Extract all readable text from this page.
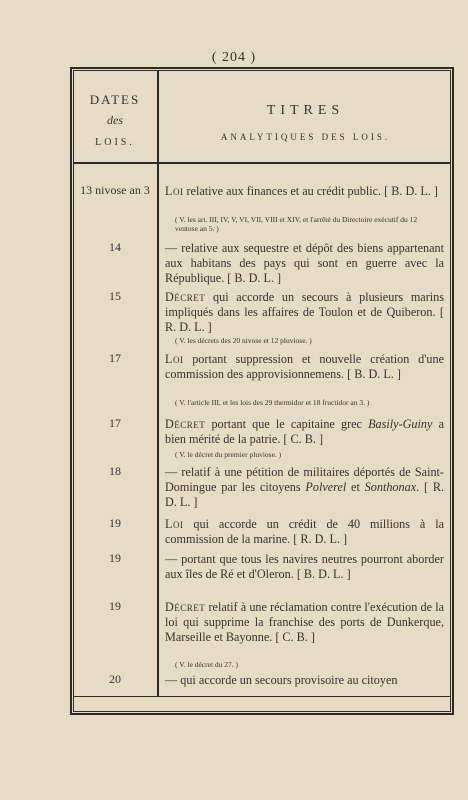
( 204 )
DATES
des
LOIS.
TITRES
ANALYTIQUES DES LOIS.
13 nivose an 3	Loi relative aux finances et au crédit public. [ B. D. L. ]
( V. les art. III, IV, V, VI, VII, VIII et XIV, et l'arrêté du Directoire exécutif du 12 ventose an 5. )
14	— relative aux sequestre et dépôt des biens appartenant aux habitans des pays qui sont en guerre avec la République. [ B. D. L. ]
15	Décret qui accorde un secours à plusieurs marins impliqués dans les affaires de Toulon et de Quiberon. [ R. D. L. ]
( V. les décrets des 20 nivose et 12 pluviose. )
17	Loi portant suppression et nouvelle création d'une commission des approvisionnemens. [ B. D. L. ]
( V. l'article III, et les lois des 29 thermidor et 18 fructidor an 3. )
17	Décret portant que le capitaine grec Basily-Guiny a bien mérité de la patrie. [ C. B. ]
( V. le décret du premier pluviose. )
18	— relatif à une pétition de militaires déportés de Saint-Domingue par les citoyens Polverel et Sonthonax. [ R. D. L. ]
19	Loi qui accorde un crédit de 40 millions à la commission de la marine. [ R. D. L. ]
19	— portant que tous les navires neutres pourront aborder aux îles de Ré et d'Oleron. [ B. D. L. ]
19	Décret relatif à une réclamation contre l'exécution de la loi qui supprime la franchise des ports de Dunkerque, Marseille et Bayonne. [ C. B. ]
( V. le décret du 27. )
20	— qui accorde un secours provisoire au citoyen
